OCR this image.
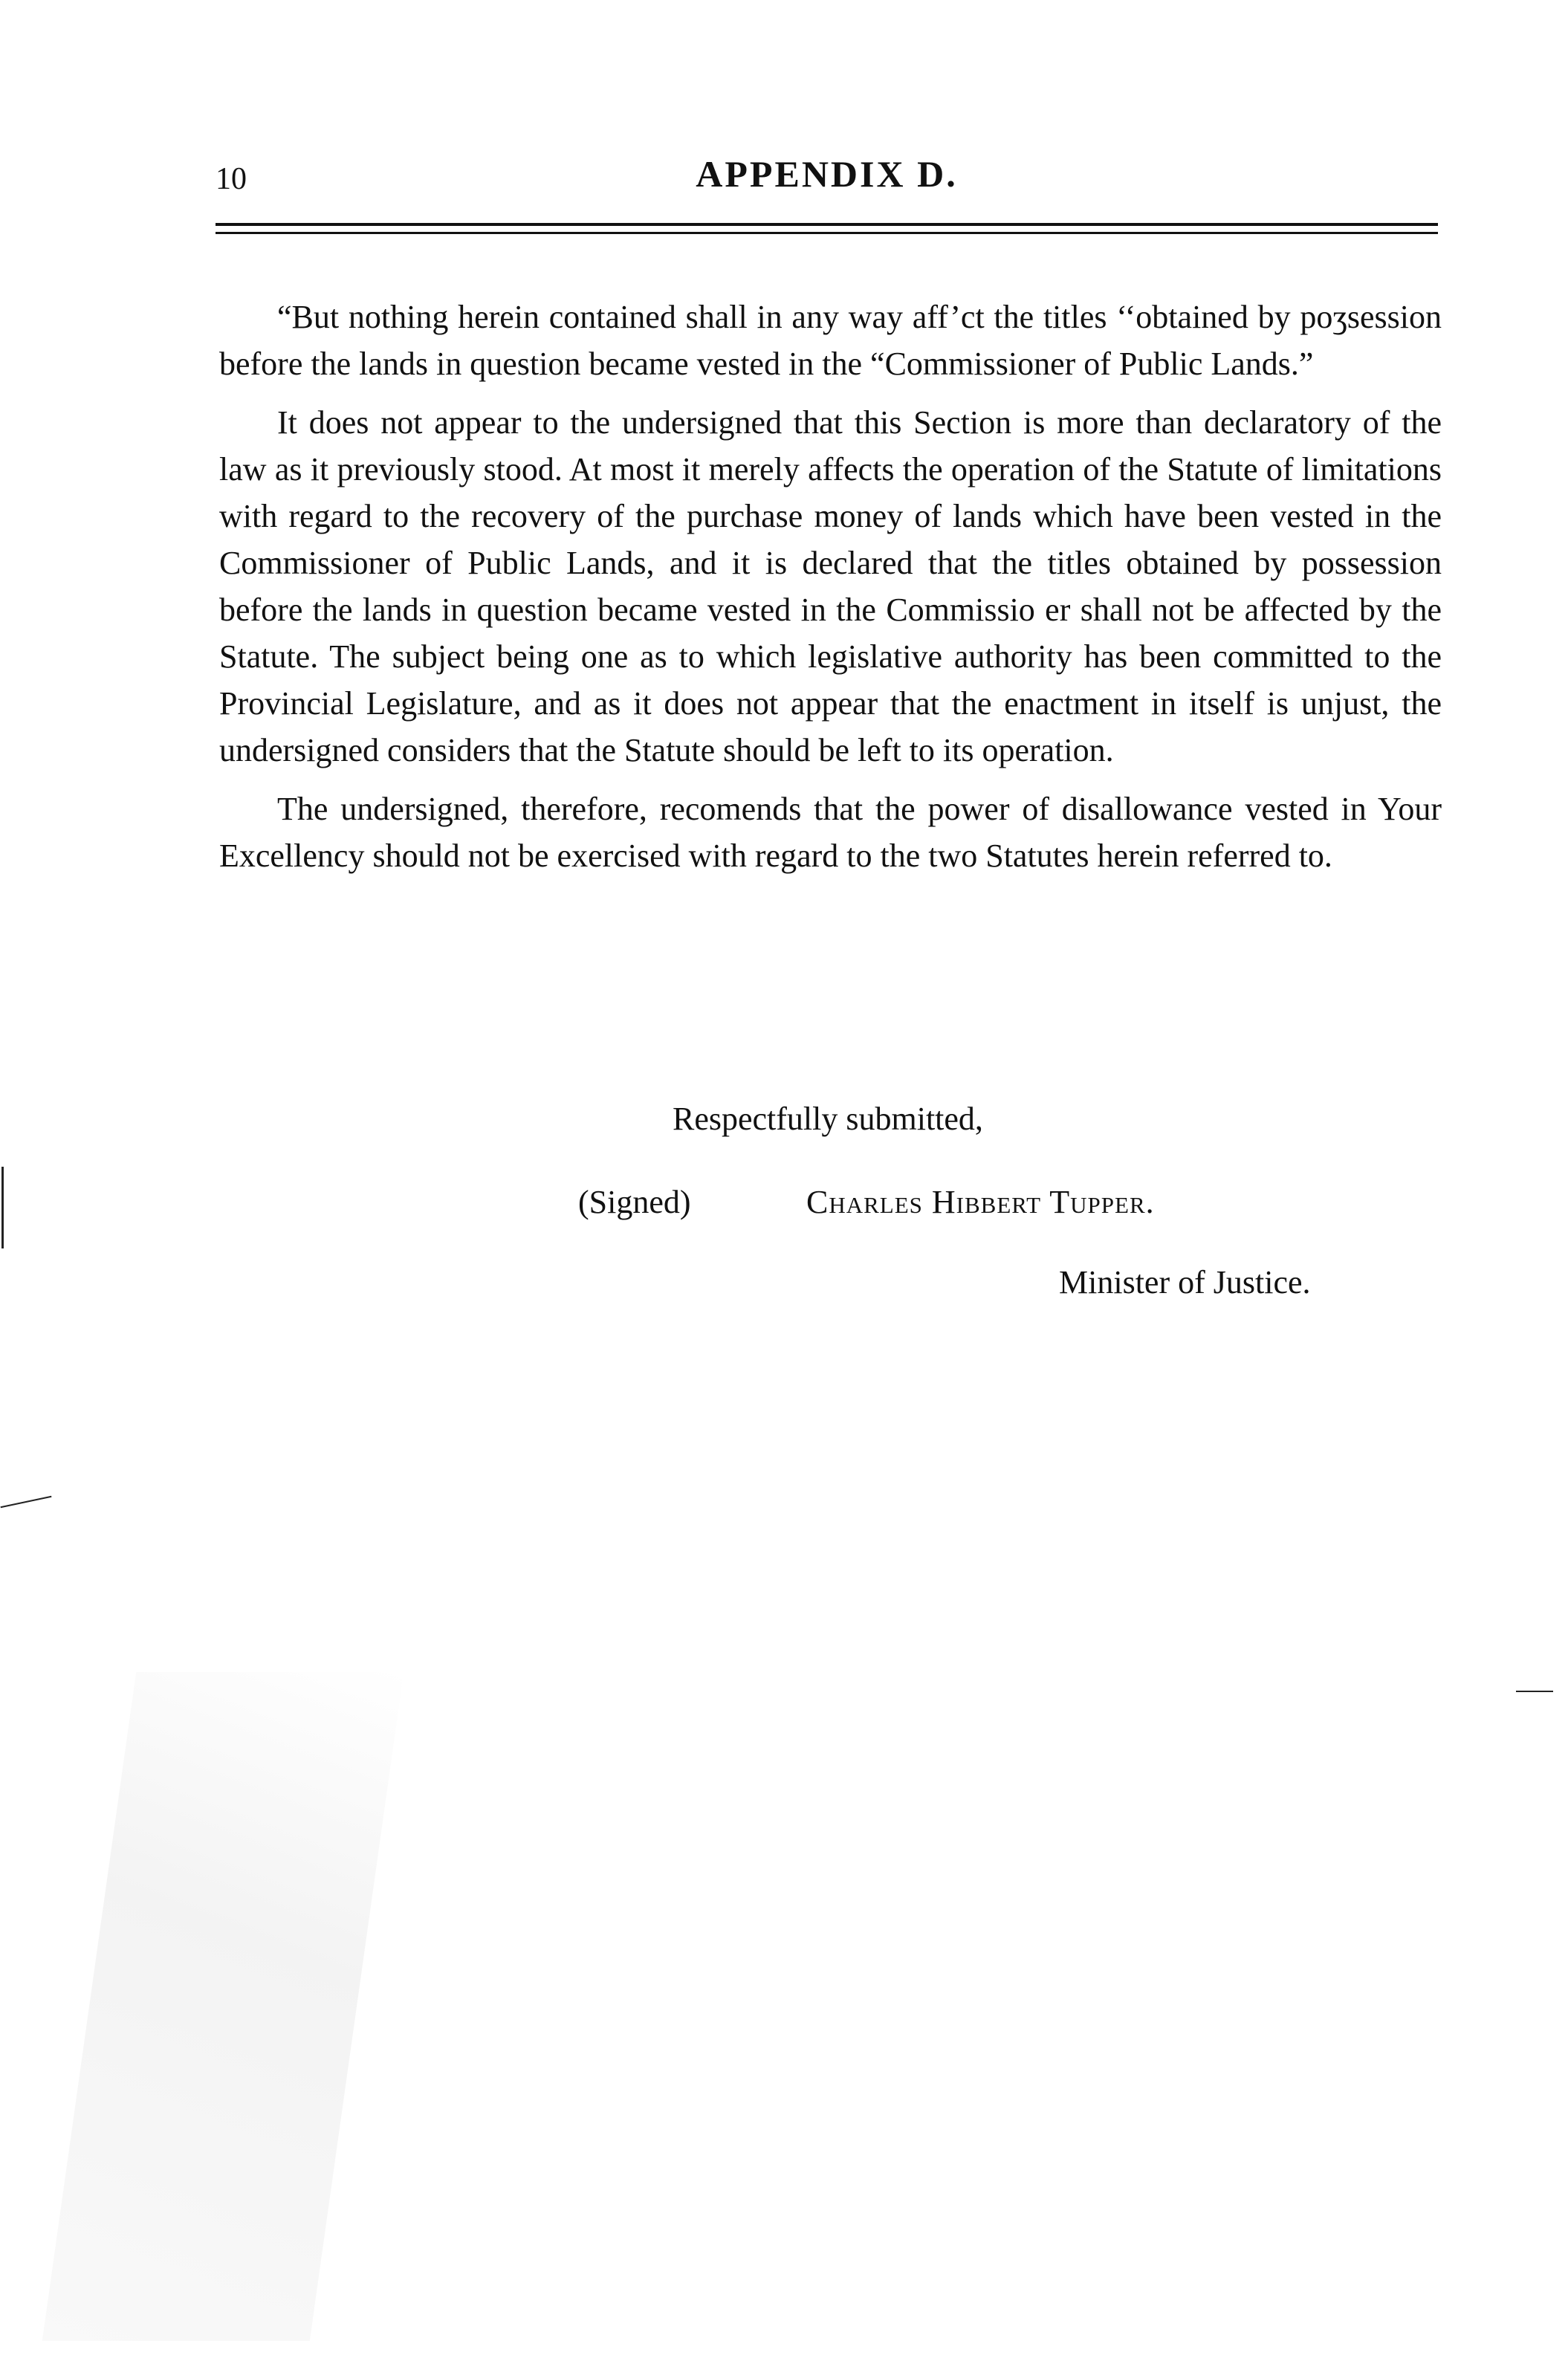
10	APPENDIX D.

“But nothing herein contained shall in any way aff’ct the titles ‘‘obtained by poʒsession before the lands in question became vested in the “Commissioner of Public Lands.”

It does not appear to the undersigned that this Section is more than declaratory of the law as it previously stood. At most it merely affects the operation of the Statute of limitations with regard to the recovery of the purchase money of lands which have been vested in the Commissioner of Public Lands, and it is declared that the titles obtained by possession before the lands in question became vested in the Commissio er shall not be affected by the Statute. The subject being one as to which legislative authority has been committed to the Provincial Legislature, and as it does not appear that the enactment in itself is unjust, the undersigned considers that the Statute should be left to its operation.

The undersigned, therefore, recomends that the power of disallowance vested in Your Excellency should not be exercised with regard to the two Statutes herein referred to.

Respectfully submitted,
(Signed)	Charles Hibbert Tupper.
Minister of Justice.
